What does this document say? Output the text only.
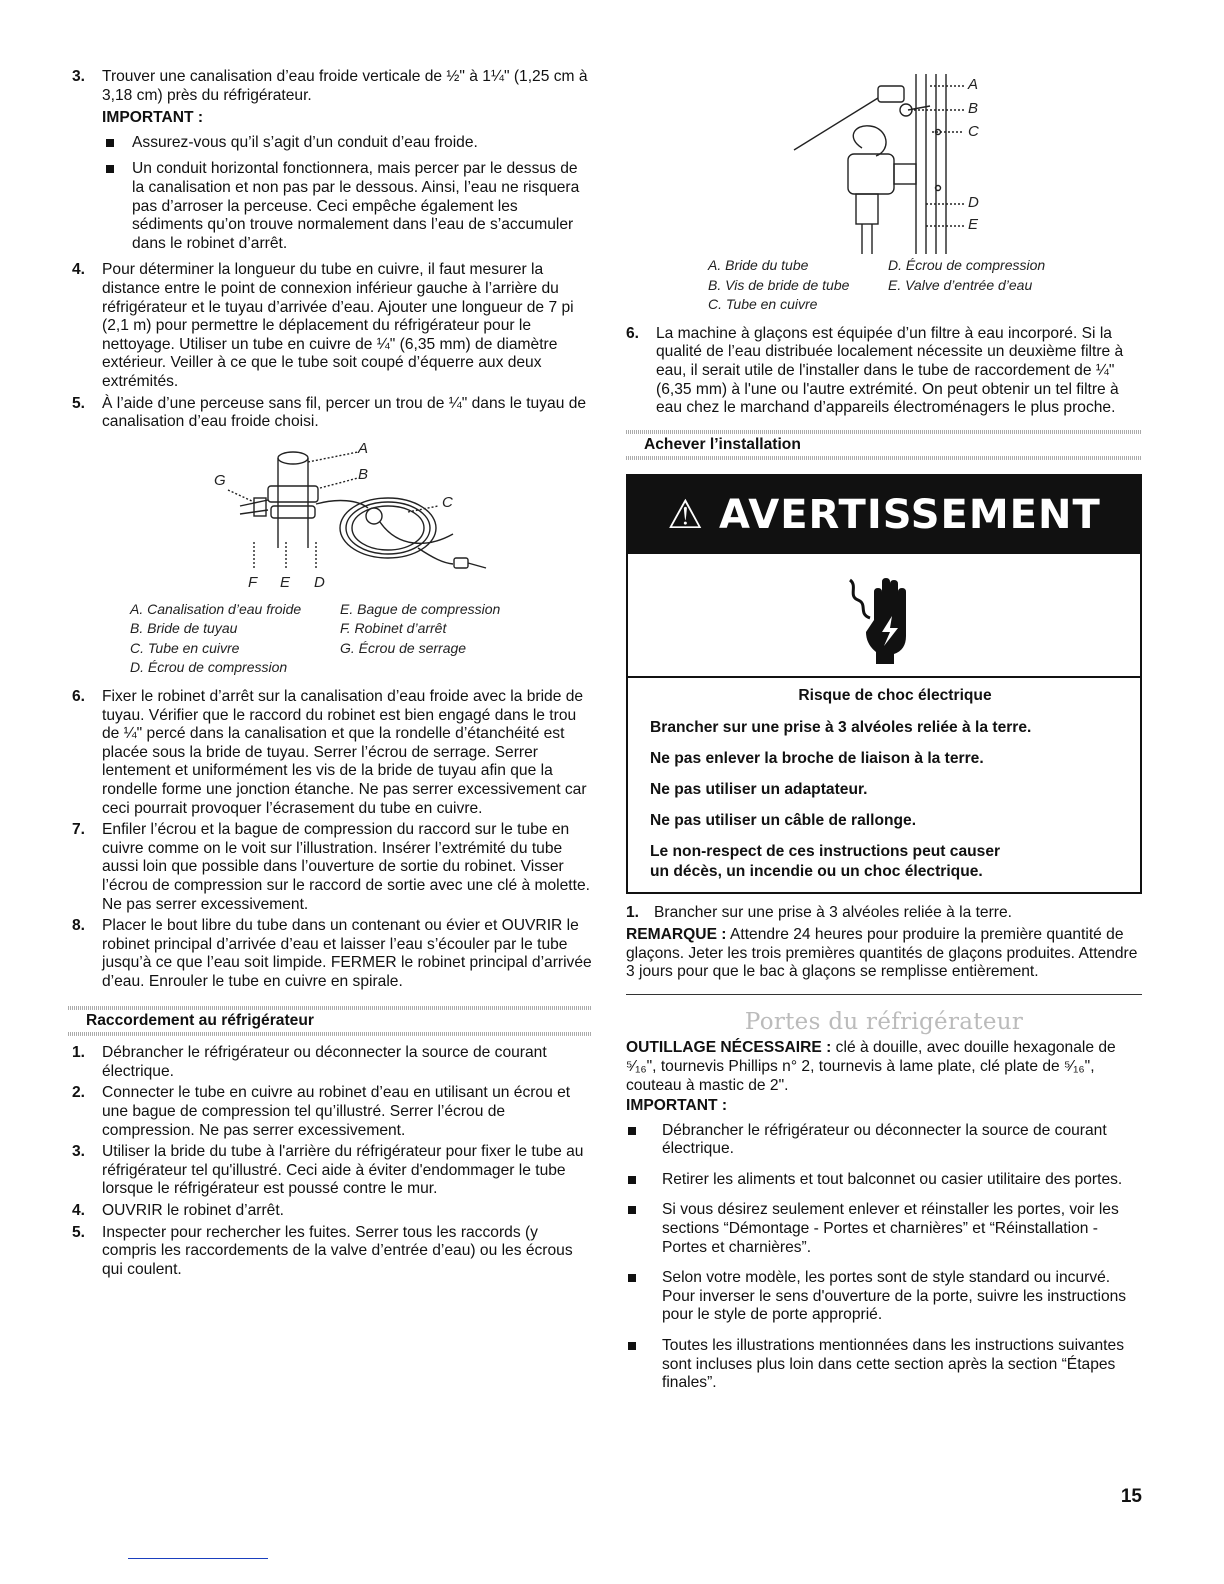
3. Trouver une canalisation d’eau froide verticale de ½" à 1¼" (1,25 cm à 3,18 cm) près du réfrigérateur.

IMPORTANT :
Assurez-vous qu’il s’agit d’un conduit d’eau froide.
Un conduit horizontal fonctionnera, mais percer par le dessus de la canalisation et non pas par le dessous. Ainsi, l’eau ne risquera pas d’arroser la perceuse. Ceci empêche également les sédiments qu’on trouve normalement dans l’eau de s’accumuler dans le robinet d’arrêt.
4. Pour déterminer la longueur du tube en cuivre, il faut mesurer la distance entre le point de connexion inférieur gauche à l’arrière du réfrigérateur et le tuyau d’arrivée d’eau. Ajouter une longueur de 7 pi (2,1 m) pour permettre le déplacement du réfrigérateur pour le nettoyage. Utiliser un tube en cuivre de ¼" (6,35 mm) de diamètre extérieur. Veiller à ce que le tube soit coupé d’équerre aux deux extrémités.

5. À l’aide d’une perceuse sans fil, percer un trou de ¼" dans le tuyau de canalisation d’eau froide choisi.

A
B
C
G
F E D
A. Canalisation d’eau froide
B. Bride de tuyau
C. Tube en cuivre
D. Écrou de compression
E. Bague de compression
F. Robinet d’arrêt
G. Écrou de serrage
6. Fixer le robinet d’arrêt sur la canalisation d’eau froide avec la bride de tuyau. Vérifier que le raccord du robinet est bien engagé dans le trou de ¼" percé dans la canalisation et que la rondelle d’étanchéité est placée sous la bride de tuyau. Serrer l’écrou de serrage. Serrer lentement et uniformément les vis de la bride de tuyau afin que la rondelle forme une jonction étanche. Ne pas serrer excessivement car ceci pourrait provoquer l’écrasement du tube en cuivre.

7. Enfiler l’écrou et la bague de compression du raccord sur le tube en cuivre comme on le voit sur l’illustration. Insérer l’extrémité du tube aussi loin que possible dans l’ouverture de sortie du robinet. Visser l’écrou de compression sur le raccord de sortie avec une clé à molette. Ne pas serrer excessivement.

8. Placer le bout libre du tube dans un contenant ou évier et OUVRIR le robinet principal d’arrivée d’eau et laisser l’eau s’écouler par le tube jusqu’à ce que l’eau soit limpide. FERMER le robinet principal d’arrivée d’eau. Enrouler le tube en cuivre en spirale.

Raccordement au réfrigérateur
1. Débrancher le réfrigérateur ou déconnecter la source de courant électrique.

2. Connecter le tube en cuivre au robinet d’eau en utilisant un écrou et une bague de compression tel qu’illustré. Serrer l’écrou de compression. Ne pas serrer excessivement.

3. Utiliser la bride du tube à l'arrière du réfrigérateur pour fixer le tube au réfrigérateur tel qu'illustré. Ceci aide à éviter d'endommager le tube lorsque le réfrigérateur est poussé contre le mur.

4. OUVRIR le robinet d’arrêt.

5. Inspecter pour rechercher les fuites. Serrer tous les raccords (y compris les raccordements de la valve d’entrée d’eau) ou les écrous qui coulent.

A
B
C
D
E
A. Bride du tube
B. Vis de bride de tube
C. Tube en cuivre
D. Écrou de compression
E. Valve d’entrée d’eau
6. La machine à glaçons est équipée d’un filtre à eau incorporé. Si la qualité de l’eau distribuée localement nécessite un deuxième filtre à eau, il serait utile de l'installer dans le tube de raccordement de ¼" (6,35 mm) à l'une ou l'autre extrémité. On peut obtenir un tel filtre à eau chez le marchand d’appareils électroménagers le plus proche.

Achever l’installation
⚠ AVERTISSEMENT

Risque de choc électrique

Brancher sur une prise à 3 alvéoles reliée à la terre.

Ne pas enlever la broche de liaison à la terre.

Ne pas utiliser un adaptateur.

Ne pas utiliser un câble de rallonge.

Le non-respect de ces instructions peut causer
un décès, un incendie ou un choc électrique.

1. Brancher sur une prise à 3 alvéoles reliée à la terre.

REMARQUE : Attendre 24 heures pour produire la première quantité de glaçons. Jeter les trois premières quantités de glaçons produites. Attendre 3 jours pour que le bac à glaçons se remplisse entièrement.

Portes du réfrigérateur

OUTILLAGE NÉCESSAIRE : clé à douille, avec douille hexagonale de ⁵⁄₁₆", tournevis Phillips n° 2, tournevis à lame plate, clé plate de ⁵⁄₁₆", couteau à mastic de 2".

IMPORTANT :
Débrancher le réfrigérateur ou déconnecter la source de courant électrique.
Retirer les aliments et tout balconnet ou casier utilitaire des portes.
Si vous désirez seulement enlever et réinstaller les portes, voir les sections “Démontage - Portes et charnières” et “Réinstallation - Portes et charnières”.
Selon votre modèle, les portes sont de style standard ou incurvé. Pour inverser le sens d'ouverture de la porte, suivre les instructions pour le style de porte approprié.
Toutes les illustrations mentionnées dans les instructions suivantes sont incluses plus loin dans cette section après la section “Étapes finales”.
15
